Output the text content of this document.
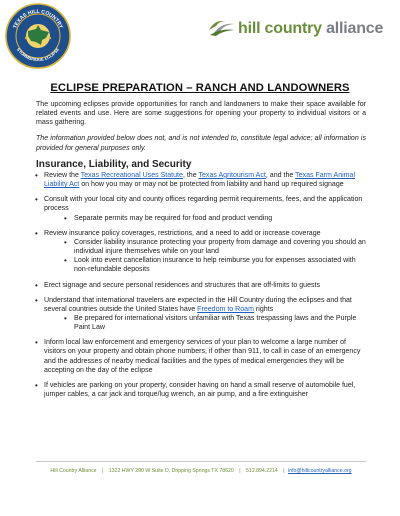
TEXAS HILL COUNTRY
STORMBRIDGE ECLIPSE
hill country alliance
ECLIPSE PREPARATION – RANCH AND LANDOWNERS

The upcoming eclipses provide opportunities for ranch and landowners to make their space available for related events and use. Here are some suggestions for opening your property to individual visitors or a mass gathering.

The information provided below does not, and is not intended to, constitute legal advice; all information is provided for general purposes only.

Insurance, Liability, and Security
• Review the Texas Recreational Uses Statute, the Texas Agritourism Act, and the Texas Farm Animal Liability Act on how you may or may not be protected from liability and hand up required signage
• Consult with your local city and county offices regarding permit requirements, fees, and the application process
• Separate permits may be required for food and product vending
• Review insurance policy coverages, restrictions, and a need to add or increase coverage
• Consider liability insurance protecting your property from damage and covering you should an individual injure themselves while on your land
• Look into event cancellation insurance to help reimburse you for expenses associated with non-refundable deposits
• Erect signage and secure personal residences and structures that are off-limits to guests
• Understand that international travelers are expected in the Hill Country during the eclipses and that several countries outside the United States have Freedom to Roam rights
• Be prepared for international visitors unfamiliar with Texas trespassing laws and the Purple Paint Law
• Inform local law enforcement and emergency services of your plan to welcome a large number of visitors on your property and obtain phone numbers, if other than 911, to call in case of an emergency and the addresses of nearby medical facilities and the types of medical emergencies they will be accepting on the day of the eclipse
• If vehicles are parking on your property, consider having on hand a small reserve of automobile fuel, jumper cables, a car jack and torque/lug wrench, an air pump, and a fire extinguisher
Hill Country Alliance | 1322 HWY 290 W Suite D, Dripping Springs TX 78620 | 512.894.2214 | info@hillcountryalliance.org
